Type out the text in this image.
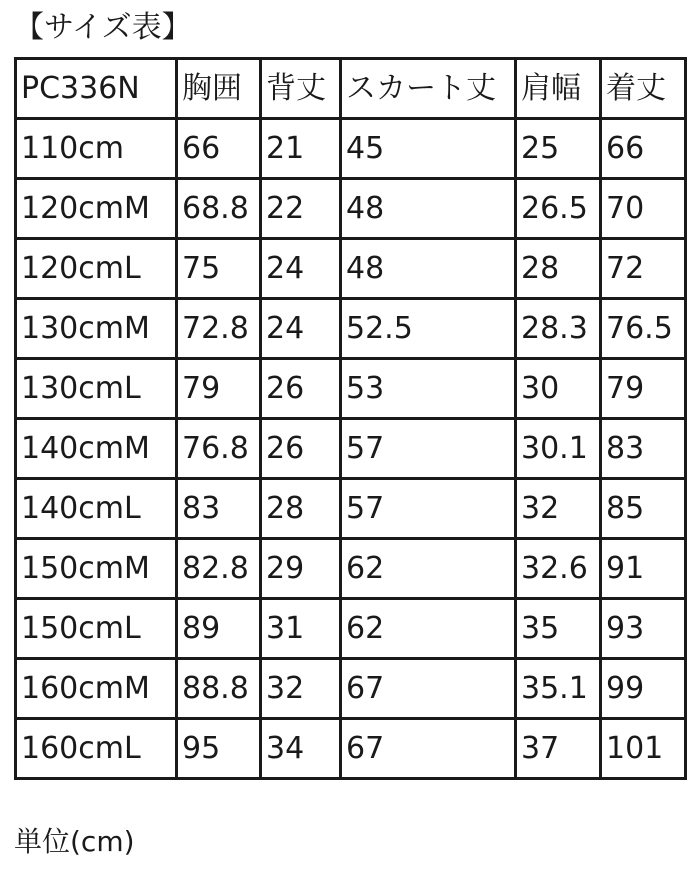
【サイズ表】
PC336N	胸囲	背丈	スカート丈	肩幅	着丈
110cm	66	21	45	25	66
120cmM	68.8	22	48	26.5	70
120cmL	75	24	48	28	72
130cmM	72.8	24	52.5	28.3	76.5
130cmL	79	26	53	30	79
140cmM	76.8	26	57	30.1	83
140cmL	83	28	57	32	85
150cmM	82.8	29	62	32.6	91
150cmL	89	31	62	35	93
160cmM	88.8	32	67	35.1	99
160cmL	95	34	67	37	101
単位(cm)
